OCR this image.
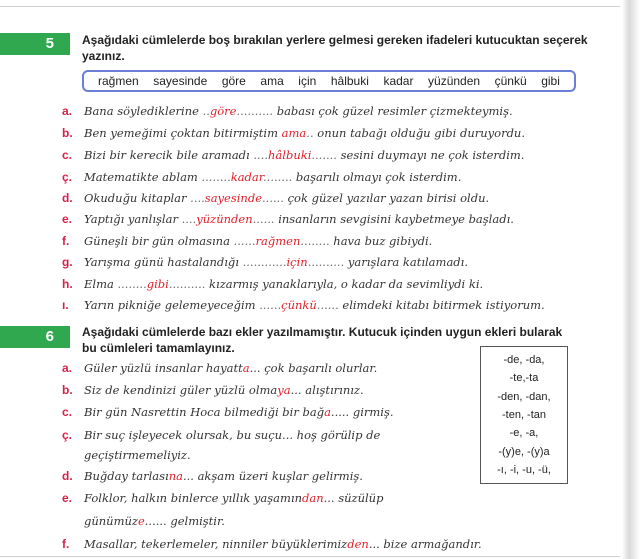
5	Aşağıdaki cümlelerde boş bırakılan yerlere gelmesi gereken ifadeleri kutucuktan seçerek
yazınız.
rağmen sayesinde göre ama için hâlbuki kadar yüzünden çünkü gibi
a. Bana söylediklerine ..göre.......... babası çok güzel resimler çizmekteymiş.
b. Ben yemeğimi çoktan bitirmiştim ama.. onun tabağı olduğu gibi duruyordu.
c. Bizi bir kerecik bile aramadı ....hâlbuki....... sesini duymayı ne çok isterdim.
ç. Matematikte ablam ........kadar........ başarılı olmayı çok isterdim.
d. Okuduğu kitaplar ....sayesinde...... çok güzel yazılar yazan birisi oldu.
e. Yaptığı yanlışlar ....yüzünden...... insanların sevgisini kaybetmeye başladı.
f. Güneşli bir gün olmasına ......rağmen........ hava buz gibiydi.
g. Yarışma günü hastalandığı ............için.......... yarışlara katılamadı.
h. Elma ........gibi.......... kızarmış yanaklarıyla, o kadar da sevimliydi ki.
ı. Yarın pikniğe gelemeyeceğim ......çünkü...... elimdeki kitabı bitirmek istiyorum.
6	Aşağıdaki cümlelerde bazı ekler yazılmamıştır. Kutucuk içinden uygun ekleri bularak
bu cümleleri tamamlayınız.
-de, -da,
-te,-ta
-den, -dan,
-ten, -tan
-e, -a,
-(y)e, -(y)a
-ı, -i, -u, -ü,
a. Güler yüzlü insanlar hayatta... çok başarılı olurlar.
b. Siz de kendinizi güler yüzlü olmaya... alıştırınız.
c. Bir gün Nasrettin Hoca bilmediği bir bağa..... girmiş.
ç. Bir suç işleyecek olursak, bu suçu... hoş görülip de
geçiştirmemeliyiz.
d. Buğday tarlasına... akşam üzeri kuşlar gelirmiş.
e. Folklor, halkın binlerce yıllık yaşamından... süzülüp
günümüze...... gelmiştir.
f. Masallar, tekerlemeler, ninniler büyüklerimizden... bize armağandır.
